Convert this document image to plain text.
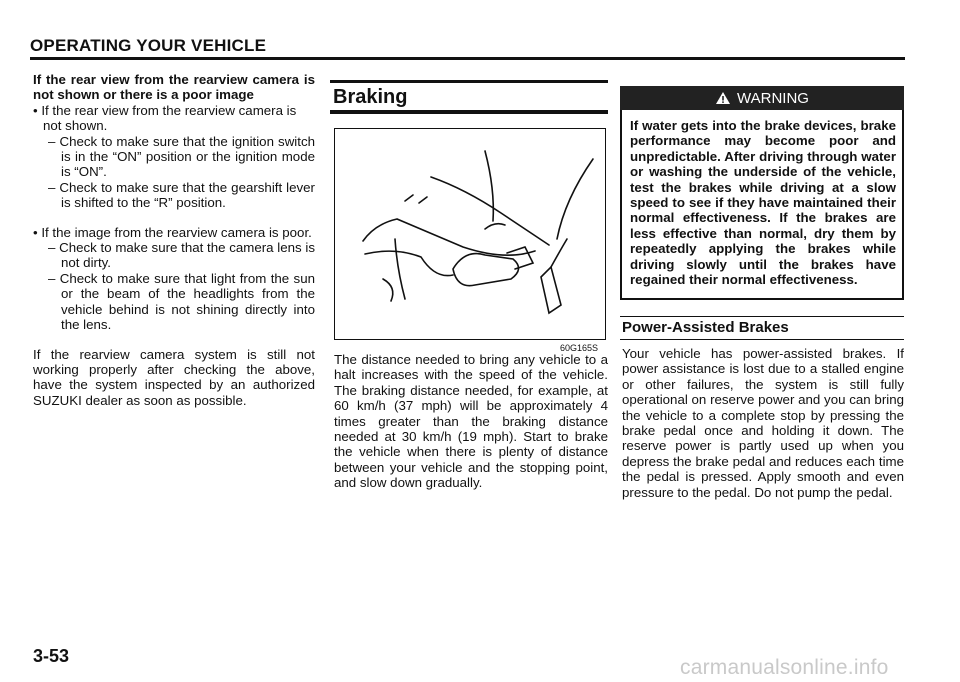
OPERATING YOUR VEHICLE
If the rear view from the rearview camera is not shown or there is a poor image
• If the rear view from the rearview camera is not shown.
– Check to make sure that the ignition switch is in the “ON” position or the ignition mode is “ON”.
– Check to make sure that the gearshift lever is shifted to the “R” position.
• If the image from the rearview camera is poor.
– Check to make sure that the camera lens is not dirty.
– Check to make sure that light from the sun or the beam of the headlights from the vehicle behind is not shining directly into the lens.
If the rearview camera system is still not working properly after checking the above, have the system inspected by an authorized SUZUKI dealer as soon as possible.
Braking
60G165S
The distance needed to bring any vehicle to a halt increases with the speed of the vehicle. The braking distance needed, for example, at 60 km/h (37 mph) will be approximately 4 times greater than the braking distance needed at 30 km/h (19 mph). Start to brake the vehicle when there is plenty of distance between your vehicle and the stopping point, and slow down gradually.
WARNING
If water gets into the brake devices, brake performance may become poor and unpredictable. After driving through water or washing the underside of the vehicle, test the brakes while driving at a slow speed to see if they have maintained their normal effectiveness. If the brakes are less effective than normal, dry them by repeatedly applying the brakes while driving slowly until the brakes have regained their normal effectiveness.
Power-Assisted Brakes
Your vehicle has power-assisted brakes. If power assistance is lost due to a stalled engine or other failures, the system is still fully operational on reserve power and you can bring the vehicle to a complete stop by pressing the brake pedal once and holding it down. The reserve power is partly used up when you depress the brake pedal and reduces each time the pedal is pressed. Apply smooth and even pressure to the pedal. Do not pump the pedal.
3-53	carmanualsonline.info
